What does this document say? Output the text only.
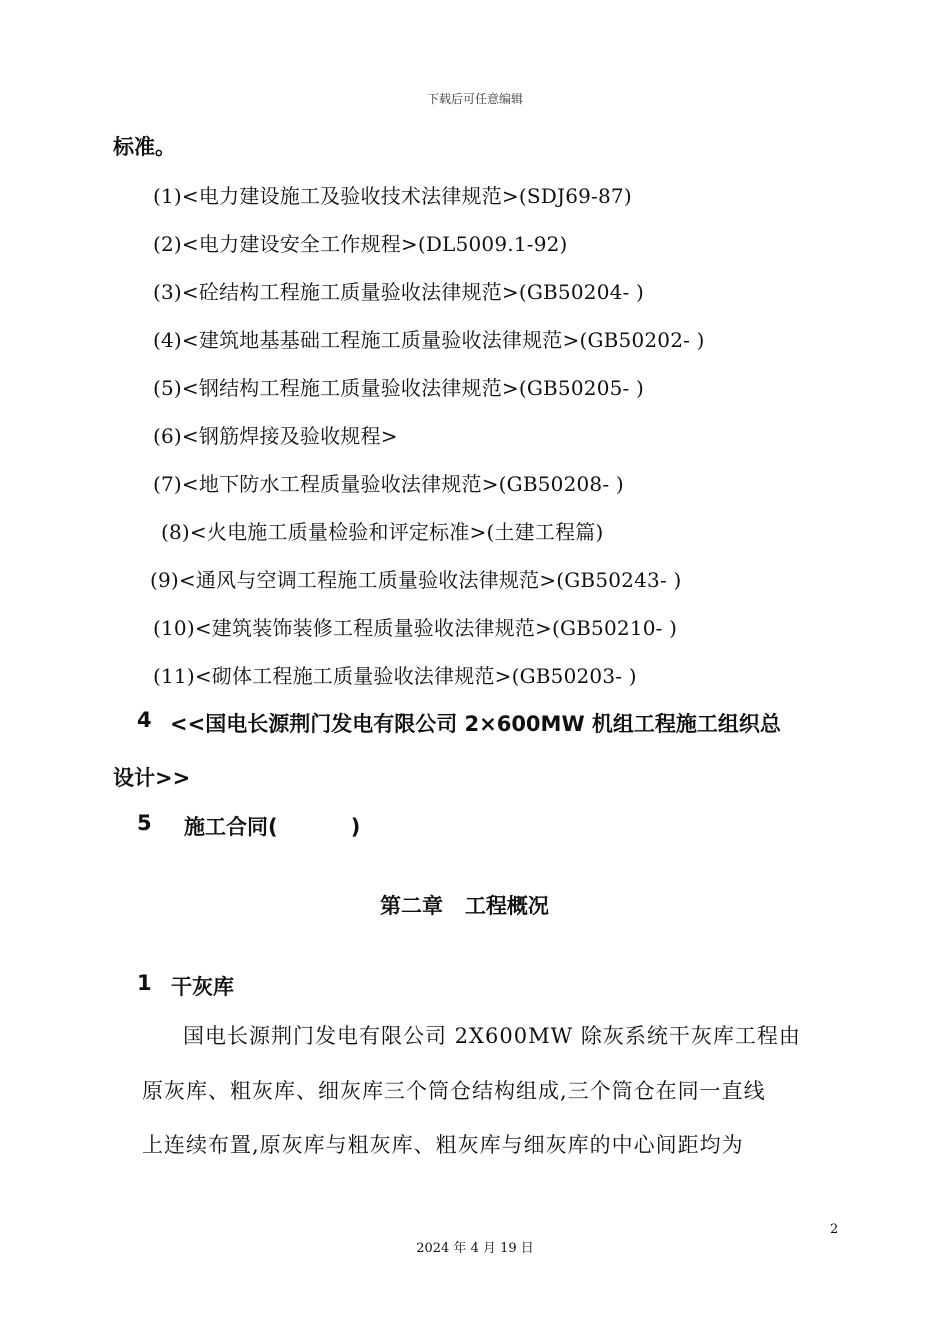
下载后可任意编辑
标准。
(1)<电力建设施工及验收技术法律规范>(SDJ69-87)
(2)<电力建设安全工作规程>(DL5009.1-92)
(3)<砼结构工程施工质量验收法律规范>(GB50204- )
(4)<建筑地基基础工程施工质量验收法律规范>(GB50202- )
(5)<钢结构工程施工质量验收法律规范>(GB50205- )
(6)<钢筋焊接及验收规程>
(7)<地下防水工程质量验收法律规范>(GB50208- )
(8)<火电施工质量检验和评定标准>(土建工程篇)
(9)<通风与空调工程施工质量验收法律规范>(GB50243- )
(10)<建筑装饰装修工程质量验收法律规范>(GB50210- )
(11)<砌体工程施工质量验收法律规范>(GB50203- )
4 <<国电长源荆门发电有限公司 2×600MW 机组工程施工组织总
设计>>
5 施工合同(          )
第二章   工程概况
1 干灰库
国电长源荆门发电有限公司 2X600MW 除灰系统干灰库工程由
原灰库、粗灰库、细灰库三个筒仓结构组成,三个筒仓在同一直线
上连续布置,原灰库与粗灰库、粗灰库与细灰库的中心间距均为
2
2024 年 4 月 19 日
